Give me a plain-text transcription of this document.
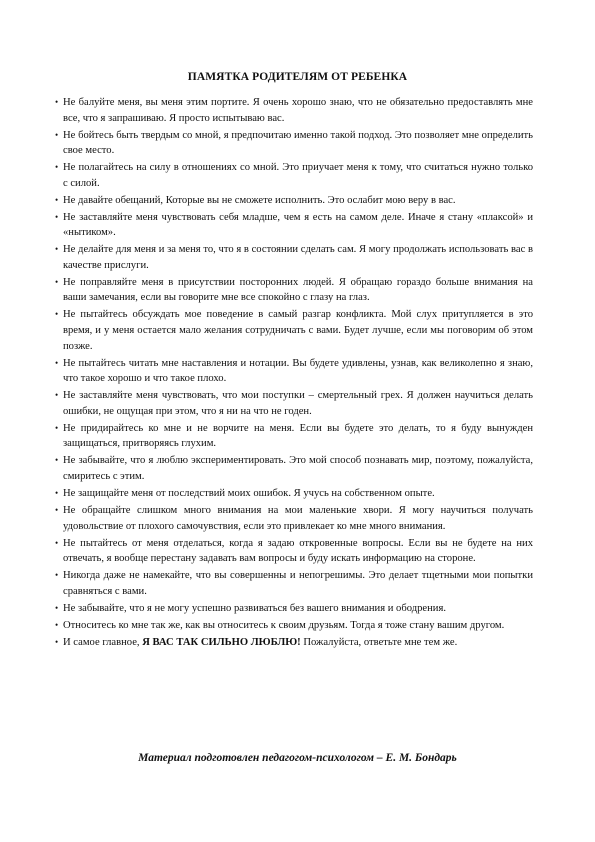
ПАМЯТКА РОДИТЕЛЯМ ОТ РЕБЕНКА
• Не балуйте меня, вы меня этим портите. Я очень хорошо знаю, что не обязательно предоставлять мне все, что я запрашиваю. Я просто испытываю вас.
• Не бойтесь быть твердым со мной, я предпочитаю именно такой подход. Это позволяет мне определить свое место.
• Не полагайтесь на силу в отношениях со мной. Это приучает меня к тому, что считаться нужно только с силой.
• Не давайте обещаний, Которые вы не сможете исполнить. Это ослабит мою веру в вас.
• Не заставляйте меня чувствовать себя младше, чем я есть на самом деле. Иначе я стану «плаксой» и «нытиком».
• Не делайте для меня и за меня то, что я в состоянии сделать сам. Я могу продолжать использовать вас в качестве прислуги.
• Не поправляйте меня в присутствии посторонних людей. Я обращаю гораздо больше внимания на ваши замечания, если вы говорите мне все спокойно с глазу на глаз.
• Не пытайтесь обсуждать мое поведение в самый разгар конфликта. Мой слух притупляется в это время, и у меня остается мало желания сотрудничать с вами. Будет лучше, если мы поговорим об этом позже.
• Не пытайтесь читать мне наставления и нотации. Вы будете удивлены, узнав, как великолепно я знаю, что такое хорошо и что такое плохо.
• Не заставляйте меня чувствовать, что мои поступки – смертельный грех. Я должен научиться делать ошибки, не ощущая при этом, что я ни на что не годен.
• Не придирайтесь ко мне и не ворчите на меня. Если вы будете это делать, то я буду вынужден защищаться, притворяясь глухим.
• Не забывайте, что я люблю экспериментировать. Это мой способ познавать мир, поэтому, пожалуйста, смиритесь с этим.
• Не защищайте меня от последствий моих ошибок. Я учусь на собственном опыте.
• Не обращайте слишком много внимания на мои маленькие хвори. Я могу научиться получать удовольствие от плохого самочувствия, если это привлекает ко мне много внимания.
• Не пытайтесь от меня отделаться, когда я задаю откровенные вопросы. Если вы не будете на них отвечать, я вообще перестану задавать вам вопросы и буду искать информацию на стороне.
• Никогда даже не намекайте, что вы совершенны и непогрешимы. Это делает тщетными мои попытки сравняться с вами.
• Не забывайте, что я не могу успешно развиваться без вашего внимания и ободрения.
• Относитесь ко мне так же, как вы относитесь к своим друзьям. Тогда я тоже стану вашим другом.
• И самое главное, Я ВАС ТАК СИЛЬНО ЛЮБЛЮ! Пожалуйста, ответьте мне тем же.
Материал подготовлен педагогом-психологом – Е. М. Бондарь
